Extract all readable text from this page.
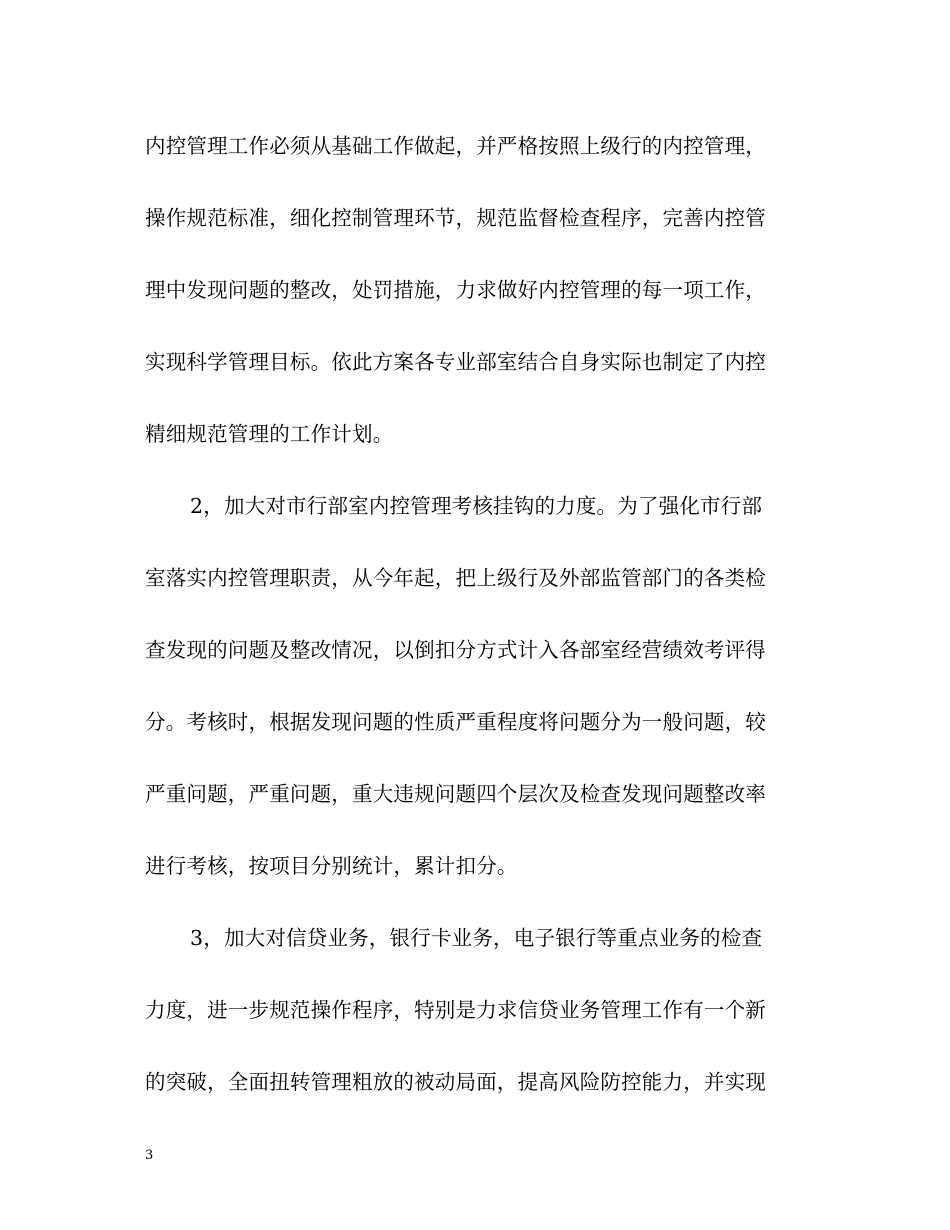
内控管理工作必须从基础工作做起，并严格按照上级行的内控管理，
操作规范标准，细化控制管理环节，规范监督检查程序，完善内控管
理中发现问题的整改，处罚措施，力求做好内控管理的每一项工作，
实现科学管理目标。依此方案各专业部室结合自身实际也制定了内控
精细规范管理的工作计划。
2，加大对市行部室内控管理考核挂钩的力度。为了强化市行部
室落实内控管理职责，从今年起，把上级行及外部监管部门的各类检
查发现的问题及整改情况，以倒扣分方式计入各部室经营绩效考评得
分。考核时，根据发现问题的性质严重程度将问题分为一般问题，较
严重问题，严重问题，重大违规问题四个层次及检查发现问题整改率
进行考核，按项目分别统计，累计扣分。
3，加大对信贷业务，银行卡业务，电子银行等重点业务的检查
力度，进一步规范操作程序，特别是力求信贷业务管理工作有一个新
的突破，全面扭转管理粗放的被动局面，提高风险防控能力，并实现
3
